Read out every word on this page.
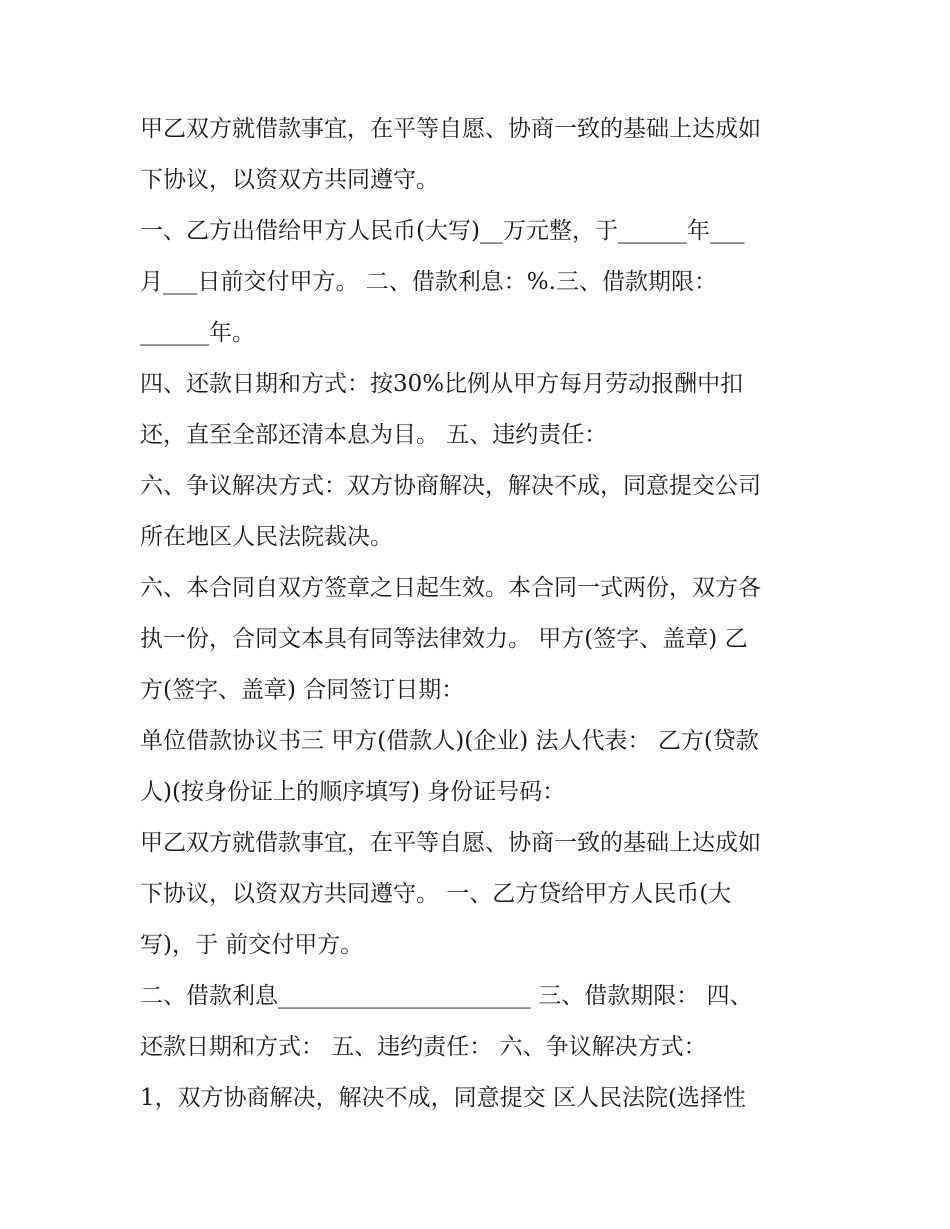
甲乙双方就借款事宜，在平等自愿、协商一致的基础上达成如
下协议，以资双方共同遵守。
一、乙方出借给甲方人民币(大写)__万元整，于______年___
月___日前交付甲方。 二、借款利息：%.三、借款期限：
______年。
四、还款日期和方式：按30%比例从甲方每月劳动报酬中扣
还，直至全部还清本息为目。 五、违约责任：
六、争议解决方式：双方协商解决，解决不成，同意提交公司
所在地区人民法院裁决。
六、本合同自双方签章之日起生效。本合同一式两份，双方各
执一份，合同文本具有同等法律效力。 甲方(签字、盖章) 乙
方(签字、盖章) 合同签订日期：
单位借款协议书三 甲方(借款人)(企业) 法人代表： 乙方(贷款
人)(按身份证上的顺序填写) 身份证号码：
甲乙双方就借款事宜，在平等自愿、协商一致的基础上达成如
下协议，以资双方共同遵守。 一、乙方贷给甲方人民币(大
写)，于 前交付甲方。
二、借款利息______________________ 三、借款期限： 四、
还款日期和方式： 五、违约责任： 六、争议解决方式：
1，双方协商解决，解决不成，同意提交 区人民法院(选择性
